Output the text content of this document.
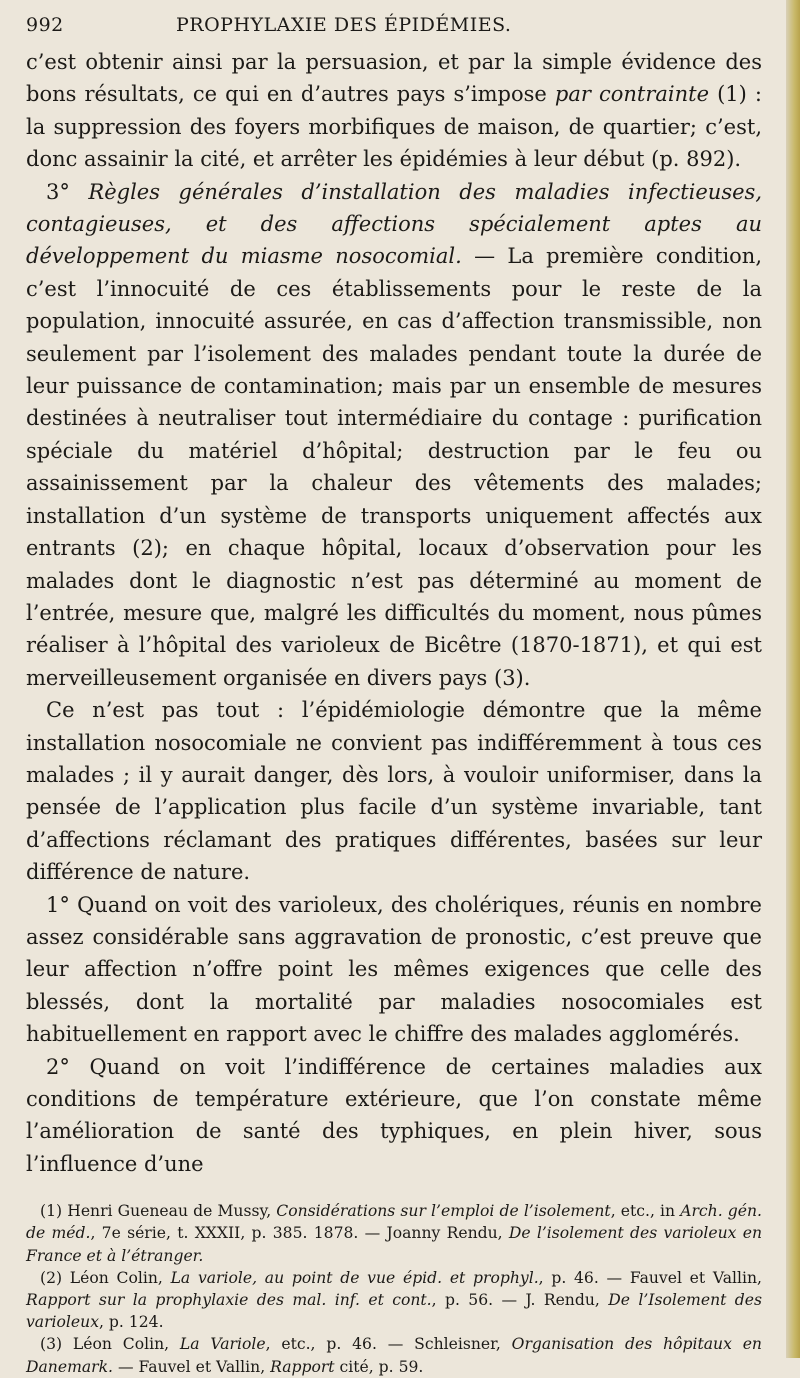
992	PROPHYLAXIE DES ÉPIDÉMIES.

c’est obtenir ainsi par la persuasion, et par la simple évidence des bons résultats, ce qui en d’autres pays s’impose par contrainte (1) : la suppression des foyers morbifiques de maison, de quartier; c’est, donc assainir la cité, et arrêter les épidémies à leur début (p. 892).

3° Règles générales d’installation des maladies infectieuses, contagieuses, et des affections spécialement aptes au développement du miasme nosocomial. — La première condition, c’est l’innocuité de ces établissements pour le reste de la population, innocuité assurée, en cas d’affection transmissible, non seulement par l’isolement des malades pendant toute la durée de leur puissance de contamination; mais par un ensemble de mesures destinées à neutraliser tout intermédiaire du contage : purification spéciale du matériel d’hôpital; destruction par le feu ou assainissement par la chaleur des vêtements des malades; installation d’un système de transports uniquement affectés aux entrants (2); en chaque hôpital, locaux d’observation pour les malades dont le diagnostic n’est pas déterminé au moment de l’entrée, mesure que, malgré les difficultés du moment, nous pûmes réaliser à l’hôpital des varioleux de Bicêtre (1870-1871), et qui est merveilleusement organisée en divers pays (3).

Ce n’est pas tout : l’épidémiologie démontre que la même installation nosocomiale ne convient pas indifféremment à tous ces malades ; il y aurait danger, dès lors, à vouloir uniformiser, dans la pensée de l’application plus facile d’un système invariable, tant d’affections réclamant des pratiques différentes, basées sur leur différence de nature.

1° Quand on voit des varioleux, des cholériques, réunis en nombre assez considérable sans aggravation de pronostic, c’est preuve que leur affection n’offre point les mêmes exigences que celle des blessés, dont la mortalité par maladies nosocomiales est habituellement en rapport avec le chiffre des malades agglomérés.

2° Quand on voit l’indifférence de certaines maladies aux conditions de température extérieure, que l’on constate même l’amélioration de santé des typhiques, en plein hiver, sous l’influence d’une

(1) Henri Gueneau de Mussy, Considérations sur l’emploi de l’isolement, etc., in Arch. gén. de méd., 7e série, t. XXXII, p. 385. 1878. — Joanny Rendu, De l’isolement des varioleux en France et à l’étranger.

(2) Léon Colin, La variole, au point de vue épid. et prophyl., p. 46. — Fauvel et Vallin, Rapport sur la prophylaxie des mal. inf. et cont., p. 56. — J. Rendu, De l’Isolement des varioleux, p. 124.

(3) Léon Colin, La Variole, etc., p. 46. — Schleisner, Organisation des hôpitaux en Danemark. — Fauvel et Vallin, Rapport cité, p. 59.
